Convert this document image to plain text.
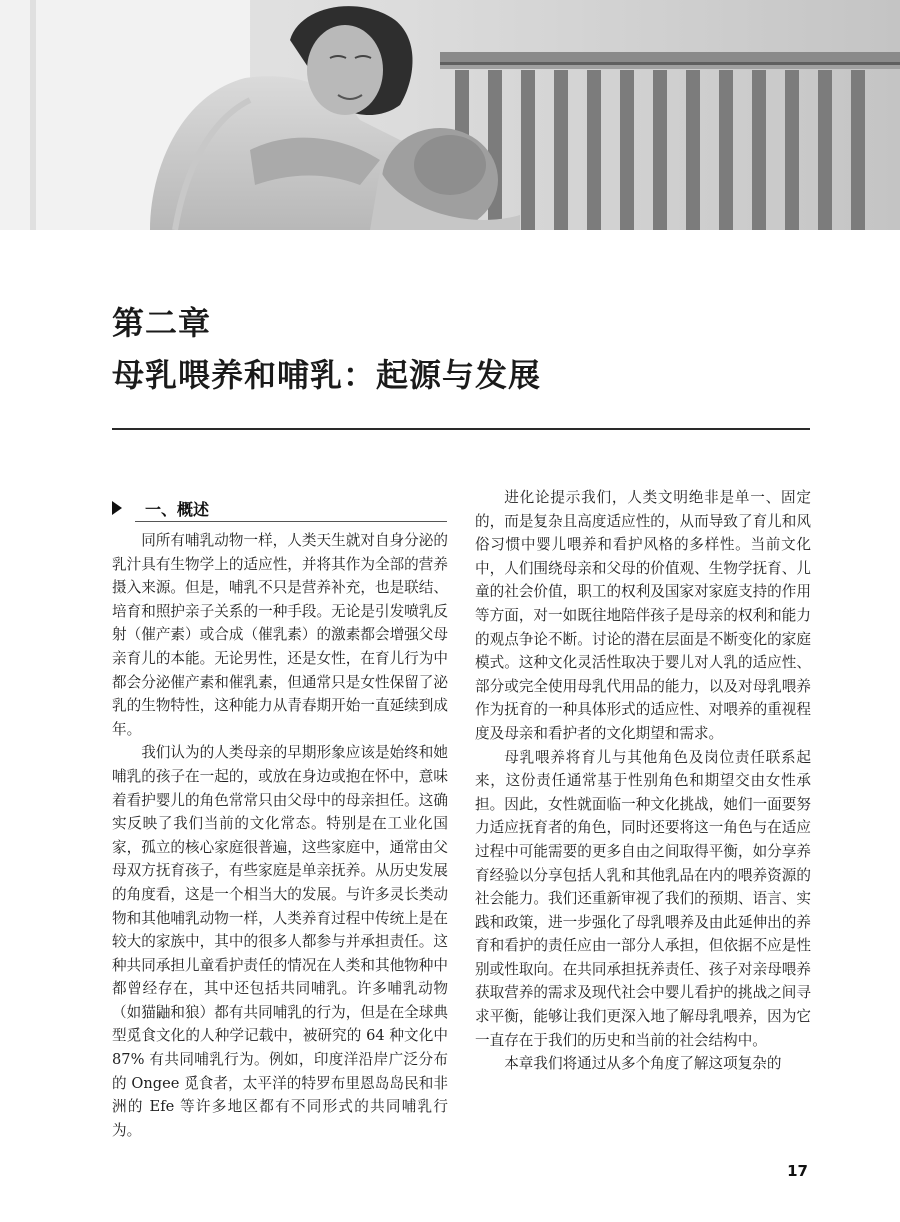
第二章
母乳喂养和哺乳：起源与发展
一、概述

同所有哺乳动物一样，人类天生就对自身分泌的乳汁具有生物学上的适应性，并将其作为全部的营养摄入来源。但是，哺乳不只是营养补充，也是联结、培育和照护亲子关系的一种手段。无论是引发喷乳反射（催产素）或合成（催乳素）的激素都会增强父母亲育儿的本能。无论男性，还是女性，在育儿行为中都会分泌催产素和催乳素，但通常只是女性保留了泌乳的生物特性，这种能力从青春期开始一直延续到成年。

我们认为的人类母亲的早期形象应该是始终和她哺乳的孩子在一起的，或放在身边或抱在怀中，意味着看护婴儿的角色常常只由父母中的母亲担任。这确实反映了我们当前的文化常态。特别是在工业化国家，孤立的核心家庭很普遍，这些家庭中，通常由父母双方抚育孩子，有些家庭是单亲抚养。从历史发展的角度看，这是一个相当大的发展。与许多灵长类动物和其他哺乳动物一样，人类养育过程中传统上是在较大的家族中，其中的很多人都参与并承担责任。这种共同承担儿童看护责任的情况在人类和其他物种中都曾经存在，其中还包括共同哺乳。许多哺乳动物（如猫鼬和狼）都有共同哺乳的行为，但是在全球典型觅食文化的人种学记载中，被研究的 64 种文化中 87% 有共同哺乳行为。例如，印度洋沿岸广泛分布的 Ongee 觅食者，太平洋的特罗布里恩岛岛民和非洲的 Efe 等许多地区都有不同形式的共同哺乳行为。

进化论提示我们，人类文明绝非是单一、固定的，而是复杂且高度适应性的，从而导致了育儿和风俗习惯中婴儿喂养和看护风格的多样性。当前文化中，人们围绕母亲和父母的价值观、生物学抚育、儿童的社会价值，职工的权利及国家对家庭支持的作用等方面，对一如既往地陪伴孩子是母亲的权利和能力的观点争论不断。讨论的潜在层面是不断变化的家庭模式。这种文化灵活性取决于婴儿对人乳的适应性、部分或完全使用母乳代用品的能力，以及对母乳喂养作为抚育的一种具体形式的适应性、对喂养的重视程度及母亲和看护者的文化期望和需求。

母乳喂养将育儿与其他角色及岗位责任联系起来，这份责任通常基于性别角色和期望交由女性承担。因此，女性就面临一种文化挑战，她们一面要努力适应抚育者的角色，同时还要将这一角色与在适应过程中可能需要的更多自由之间取得平衡，如分享养育经验以分享包括人乳和其他乳品在内的喂养资源的社会能力。我们还重新审视了我们的预期、语言、实践和政策，进一步强化了母乳喂养及由此延伸出的养育和看护的责任应由一部分人承担，但依据不应是性别或性取向。在共同承担抚养责任、孩子对亲母喂养获取营养的需求及现代社会中婴儿看护的挑战之间寻求平衡，能够让我们更深入地了解母乳喂养，因为它一直存在于我们的历史和当前的社会结构中。

本章我们将通过从多个角度了解这项复杂的

17
